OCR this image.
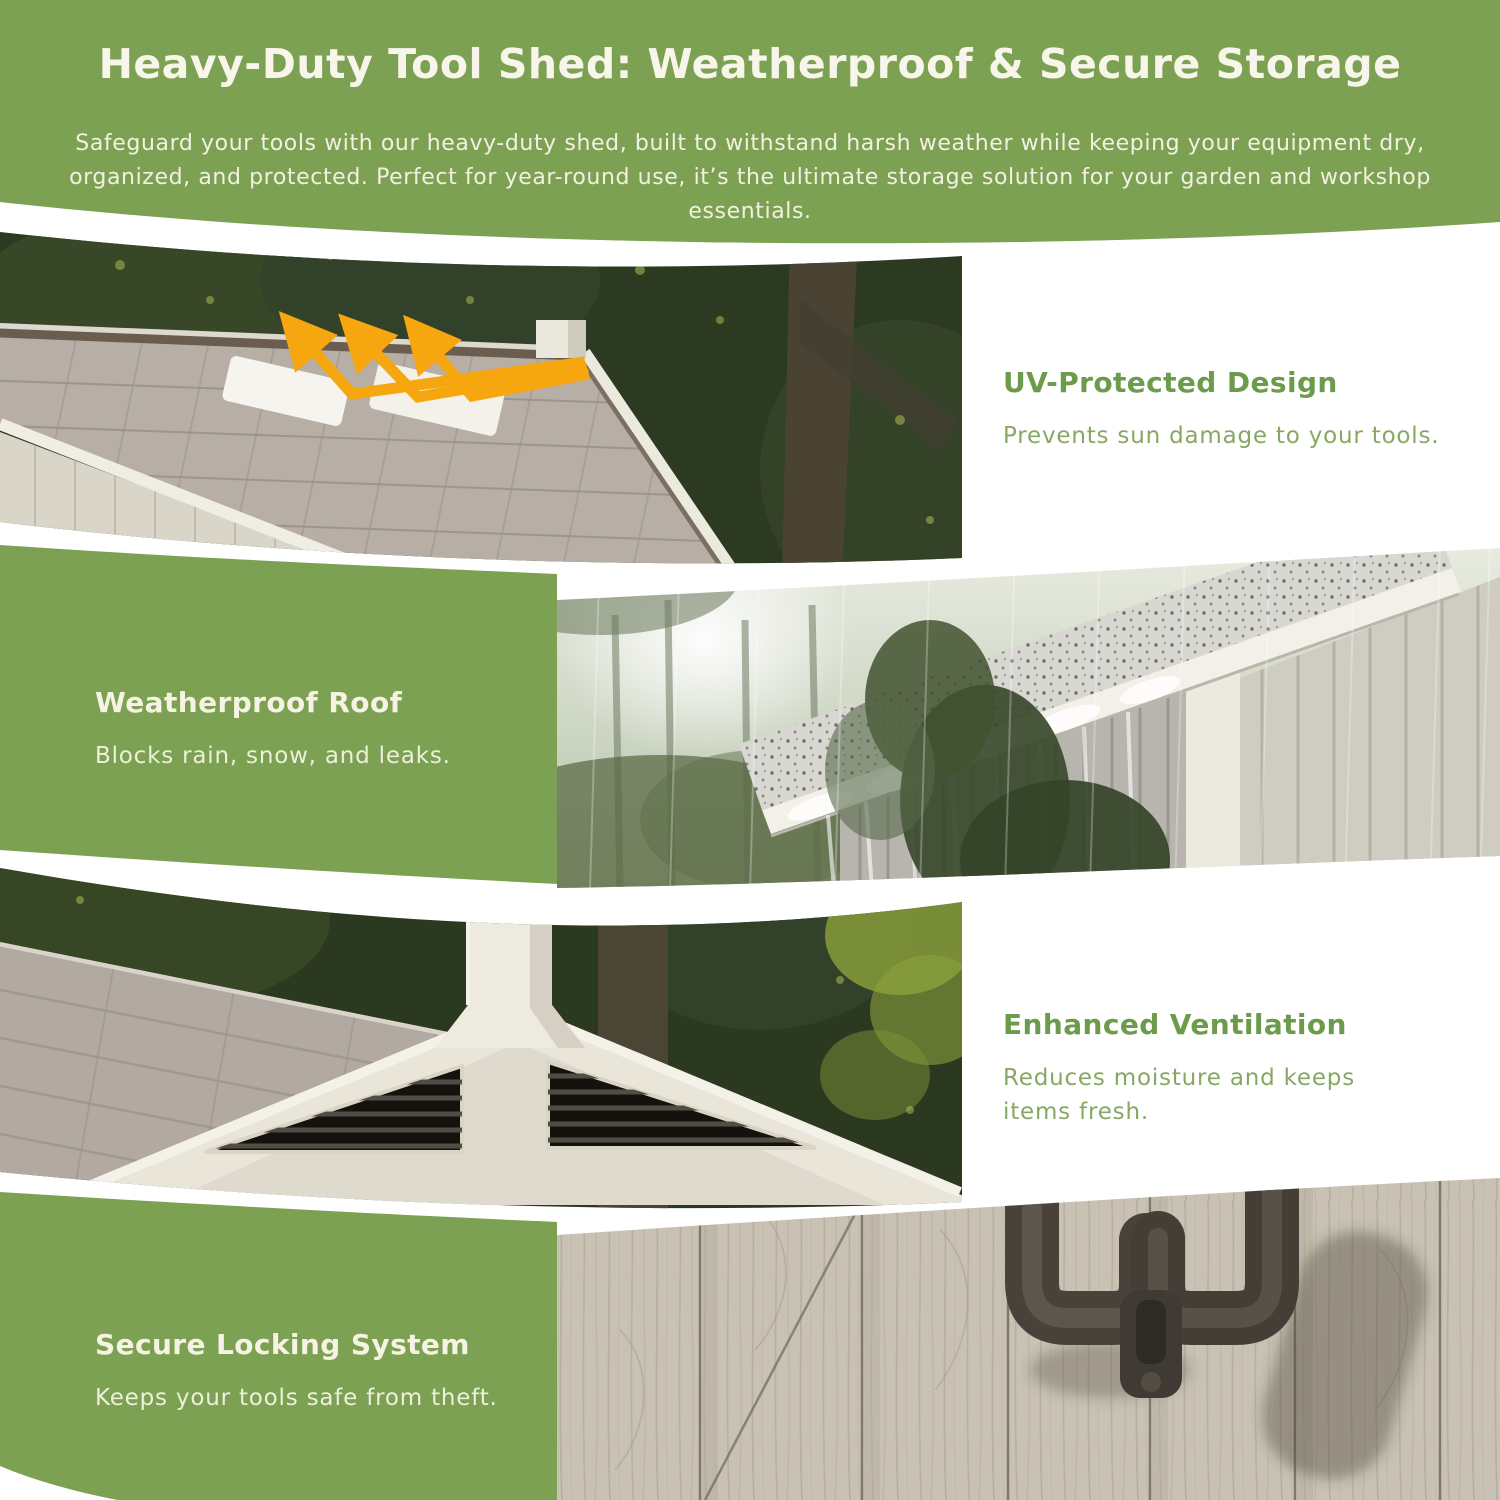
Heavy-Duty Tool Shed: Weatherproof & Secure Storage
Safeguard your tools with our heavy-duty shed, built to withstand harsh weather while keeping your equipment dry, organized, and protected. Perfect for year-round use, it’s the ultimate storage solution for your garden and workshop essentials.
UV-Protected Design

Prevents sun damage to your tools.

Weatherproof Roof

Blocks rain, snow, and leaks.

Enhanced Ventilation

Reduces moisture and keeps items fresh.

Secure Locking System

Keeps your tools safe from theft.
